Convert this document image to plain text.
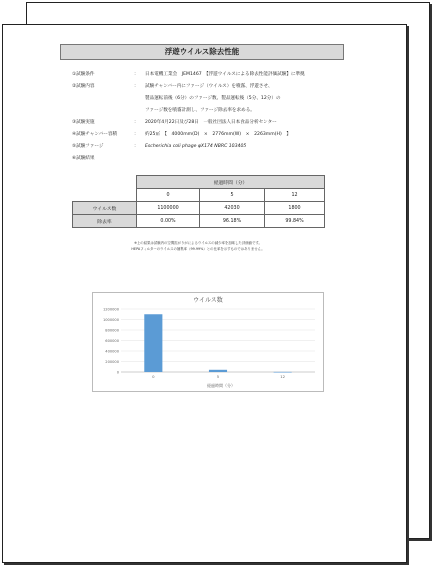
浮遊ウイルス除去性能
①試験条件	： 日本電機工業会　JEM1467　【浮遊ウイルスによる除去性能評価試験】に準拠
②試験内容	： 試験チャンバー内にファージ（ウイルス）を噴霧、浮遊させ、
製品運転前後（6分）のファージ数、製品運転後（5分、12分）の
ファージ数を噴霧計測し、ファージ除去率を求める。
③試験実施	： 2020年4月22日及び28日　一般社団法人日本食品分析センター
④試験チャンバー容積	： 約25㎥　【　4000mm(D)　×　2776mm(W)　×　2263mm(H)　】
⑤試験ファージ	： Escherichia coli phage φX174 NBRC 103405
⑥試験結果
	経過時間（分）		
	0	5	12
ウイルス数	1100000	42030	1800
除去率	0.00%	96.18%	99.84%
※上の結果は試験内の空間拡がりがによるウイルスの減少率を加味した評価値です。
HEPAフィルターのウイルスの捕集率（99.99%）との比率を示すものではありません。
ウイルス数
0
200000
400000
600000
800000
1000000
1200000
0	5	12
経過時間（分）
